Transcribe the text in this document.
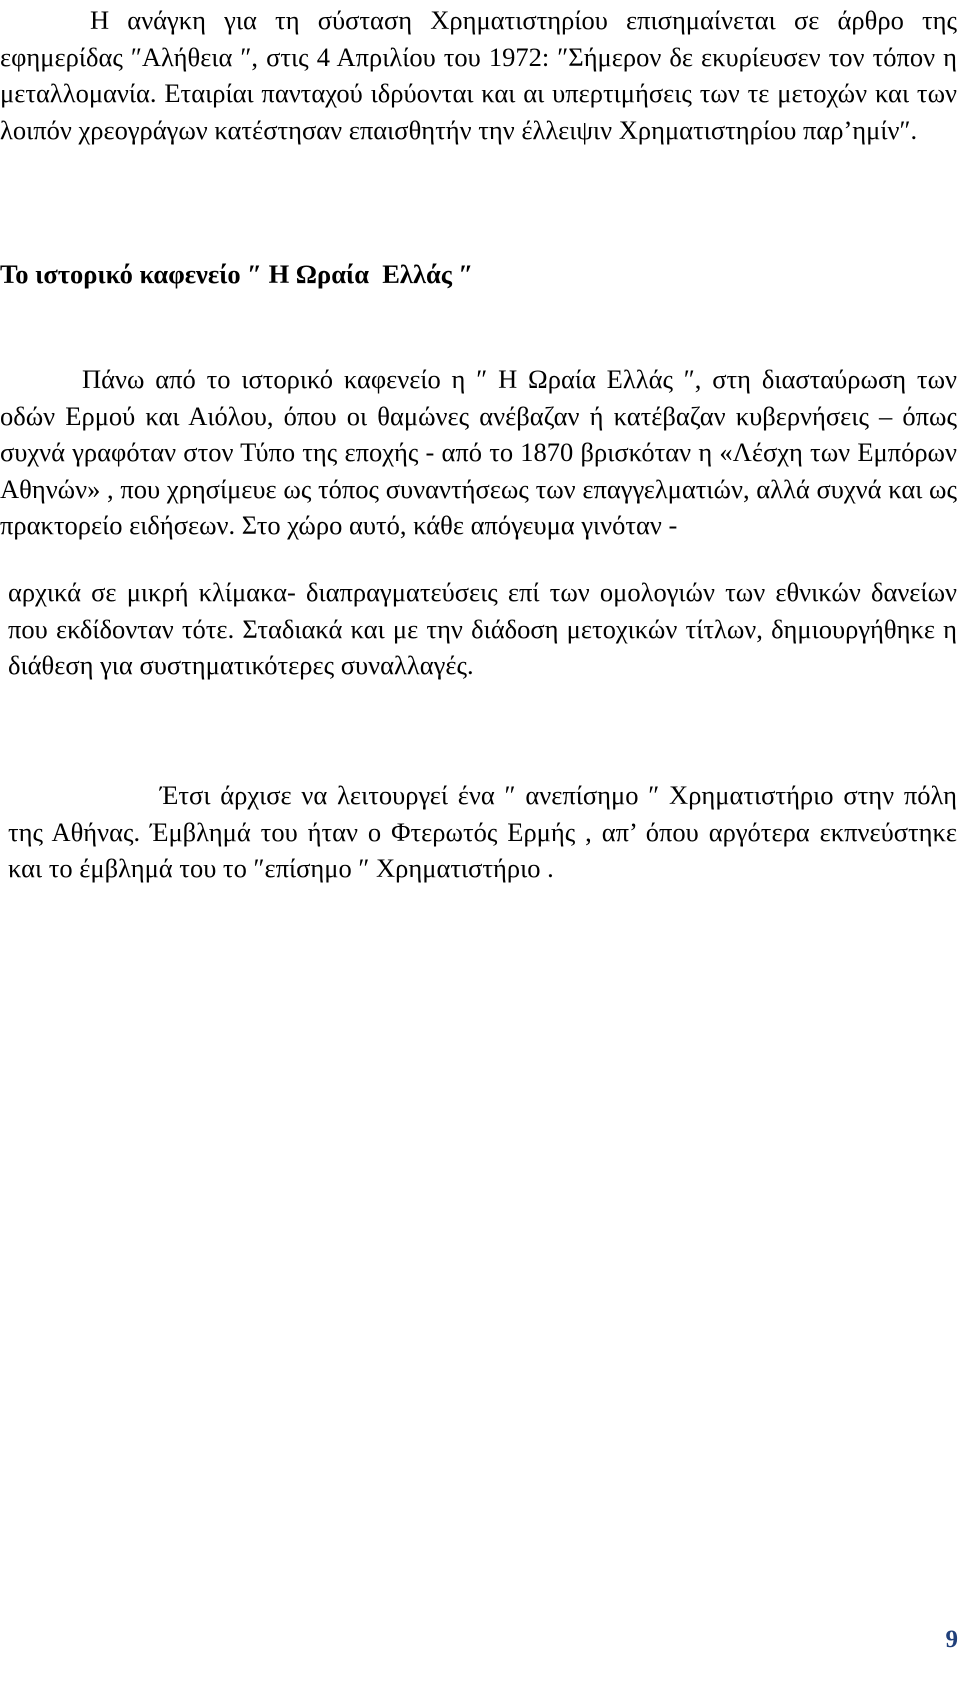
Η ανάγκη για τη σύσταση Χρηματιστηρίου επισημαίνεται σε άρθρο της εφημερίδας ″Αλήθεια ″, στις 4 Απριλίου του 1972: ″Σήμερον δε εκυρίευσεν τον τόπον η μεταλλομανία. Εταιρίαι πανταχού ιδρύονται και αι υπερτιμήσεις των τε μετοχών και των λοιπόν χρεογράγων κατέστησαν επαισθητήν την έλλειψιν Χρηματιστηρίου παρ’ημίν″.

Το ιστορικό καφενείο ″ Η Ωραία  Ελλάς ″

Πάνω από το ιστορικό καφενείο η ″ Η Ωραία Ελλάς ″, στη διασταύρωση των οδών Ερμού και Αιόλου, όπου οι θαμώνες ανέβαζαν ή κατέβαζαν κυβερνήσεις – όπως συχνά γραφόταν στον Τύπο της εποχής - από το 1870 βρισκόταν η «Λέσχη των Εμπόρων Αθηνών» , που χρησίμευε ως τόπος συναντήσεως των επαγγελματιών, αλλά συχνά και ως πρακτορείο ειδήσεων. Στο χώρο αυτό, κάθε απόγευμα γινόταν -

αρχικά σε μικρή κλίμακα- διαπραγματεύσεις επί των ομολογιών των εθνικών δανείων που εκδίδονταν τότε. Σταδιακά και με την διάδοση μετοχικών τίτλων, δημιουργήθηκε η διάθεση για συστηματικότερες συναλλαγές.

Έτσι άρχισε να λειτουργεί ένα ″ ανεπίσημο ″ Χρηματιστήριο στην πόλη της Αθήνας. Έμβλημά του ήταν ο Φτερωτός Ερμής , απ’ όπου αργότερα εκπνεύστηκε και το έμβλημά του το ″επίσημο ″ Χρηματιστήριο .

9
